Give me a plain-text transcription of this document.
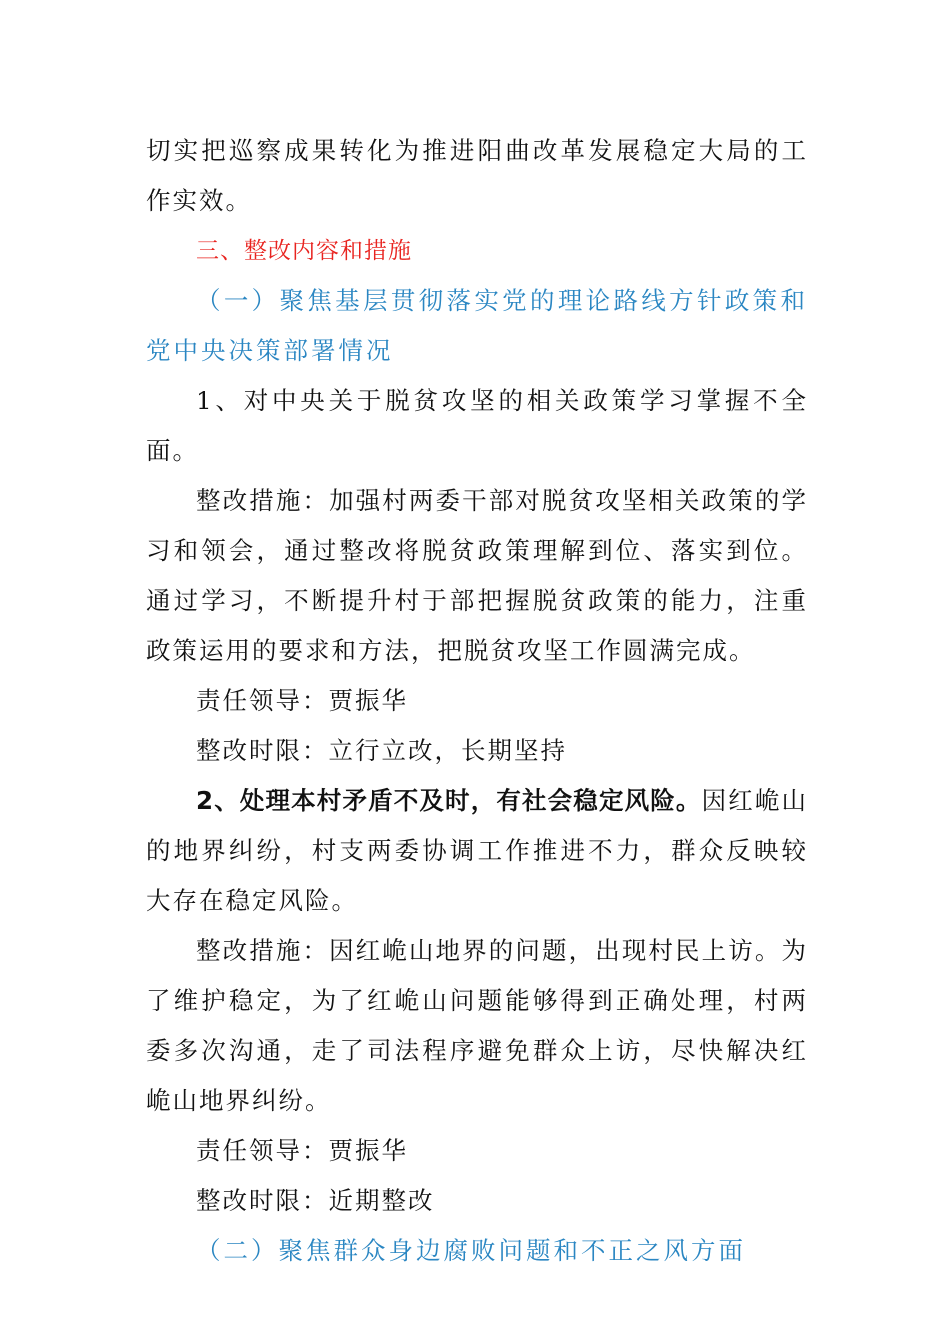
切实把巡察成果转化为推进阳曲改革发展稳定大局的工作实效。

三、整改内容和措施

（一）聚焦基层贯彻落实党的理论路线方针政策和党中央决策部署情况

1、对中央关于脱贫攻坚的相关政策学习掌握不全面。

整改措施：加强村两委干部对脱贫攻坚相关政策的学习和领会，通过整改将脱贫政策理解到位、落实到位。通过学习，不断提升村于部把握脱贫政策的能力，注重政策运用的要求和方法，把脱贫攻坚工作圆满完成。

责任领导：贾振华

整改时限：立行立改，长期坚持

2、处理本村矛盾不及时，有社会稳定风险。因红峗山的地界纠纷，村支两委协调工作推进不力，群众反映较大存在稳定风险。

整改措施：因红峗山地界的问题，出现村民上访。为了维护稳定，为了红峗山问题能够得到正确处理，村两委多次沟通，走了司法程序避免群众上访，尽快解决红峗山地界纠纷。

责任领导：贾振华

整改时限：近期整改

（二）聚焦群众身边腐败问题和不正之风方面
